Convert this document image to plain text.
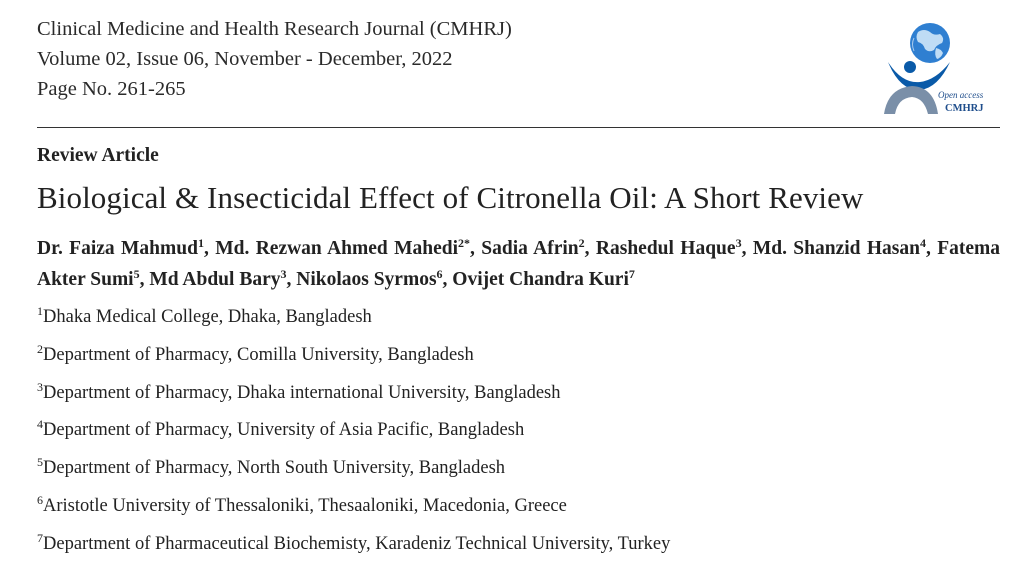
Clinical Medicine and Health Research Journal (CMHRJ)
Volume 02, Issue 06, November - December, 2022
Page No. 261-265	Open access
CMHRJ
Review Article
Biological & Insecticidal Effect of Citronella Oil: A Short Review
Dr. Faiza Mahmud$^1$, Md. Rezwan Ahmed Mahedi$^{2*}$, Sadia Afrin$^2$, Rashedul Haque$^3$, Md. Shanzid Hasan$^4$, Fatema Akter Sumi$^5$, Md Abdul Bary$^3$, Nikolaos Syrmos$^6$, Ovijet Chandra Kuri$^7$
$^1$Dhaka Medical College, Dhaka, Bangladesh
$^2$Department of Pharmacy, Comilla University, Bangladesh
$^3$Department of Pharmacy, Dhaka international University, Bangladesh
$^4$Department of Pharmacy, University of Asia Pacific, Bangladesh
$^5$Department of Pharmacy, North South University, Bangladesh
$^6$Aristotle University of Thessaloniki, Thesaaloniki, Macedonia, Greece
$^7$Department of Pharmaceutical Biochemisty, Karadeniz Technical University, Turkey
